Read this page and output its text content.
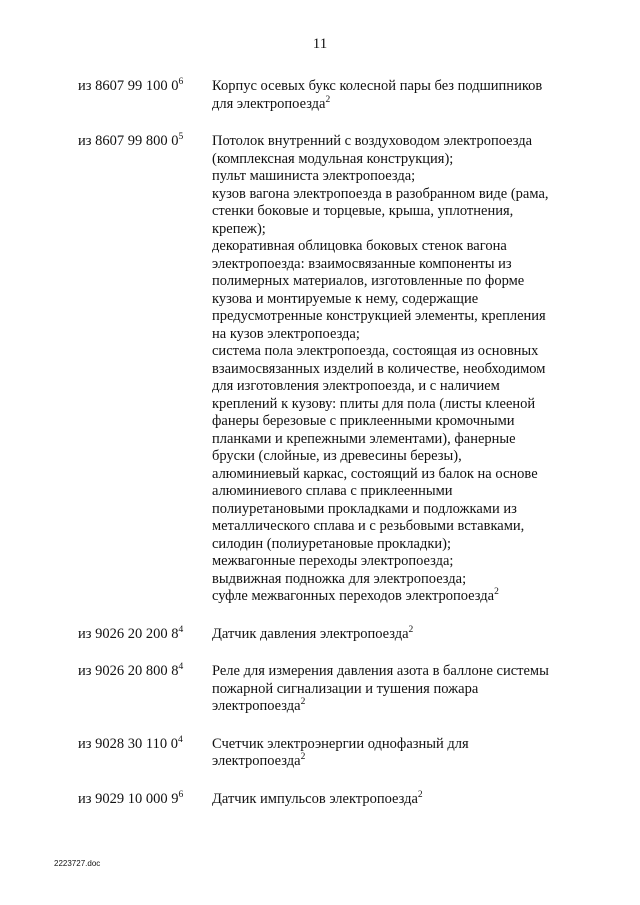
11
из 8607 99 100 $0^6$	Корпус осевых букс колесной пары без подшипников
для электропоезда$^2$
из 8607 99 800 $0^5$	Потолок внутренний с воздуховодом электропоезда
(комплексная модульная конструкция);
пульт машиниста электропоезда;
кузов вагона электропоезда в разобранном виде (рама,
стенки боковые и торцевые, крыша, уплотнения,
крепеж);
декоративная облицовка боковых стенок вагона
электропоезда: взаимосвязанные компоненты из
полимерных материалов, изготовленные по форме
кузова и монтируемые к нему, содержащие
предусмотренные конструкцией элементы, крепления
на кузов электропоезда;
система пола электропоезда, состоящая из основных
взаимосвязанных изделий в количестве, необходимом
для изготовления электропоезда, и с наличием
креплений к кузову: плиты для пола (листы клееной
фанеры березовые с приклеенными кромочными
планками и крепежными элементами), фанерные
бруски (слойные, из древесины березы),
алюминиевый каркас, состоящий из балок на основе
алюминиевого сплава с приклеенными
полиуретановыми прокладками и подложками из
металлического сплава и с резьбовыми вставками,
силодин (полиуретановые прокладки);
межвагонные переходы электропоезда;
выдвижная подножка для электропоезда;
суфле межвагонных переходов электропоезда$^2$
из 9026 20 200 $8^4$	Датчик давления электропоезда$^2$
из 9026 20 800 $8^4$	Реле для измерения давления азота в баллоне системы
пожарной сигнализации и тушения пожара
электропоезда$^2$
из 9028 30 110 $0^4$	Счетчик электроэнергии однофазный для
электропоезда$^2$
из 9029 10 000 $9^6$	Датчик импульсов электропоезда$^2$
2223727.doc
